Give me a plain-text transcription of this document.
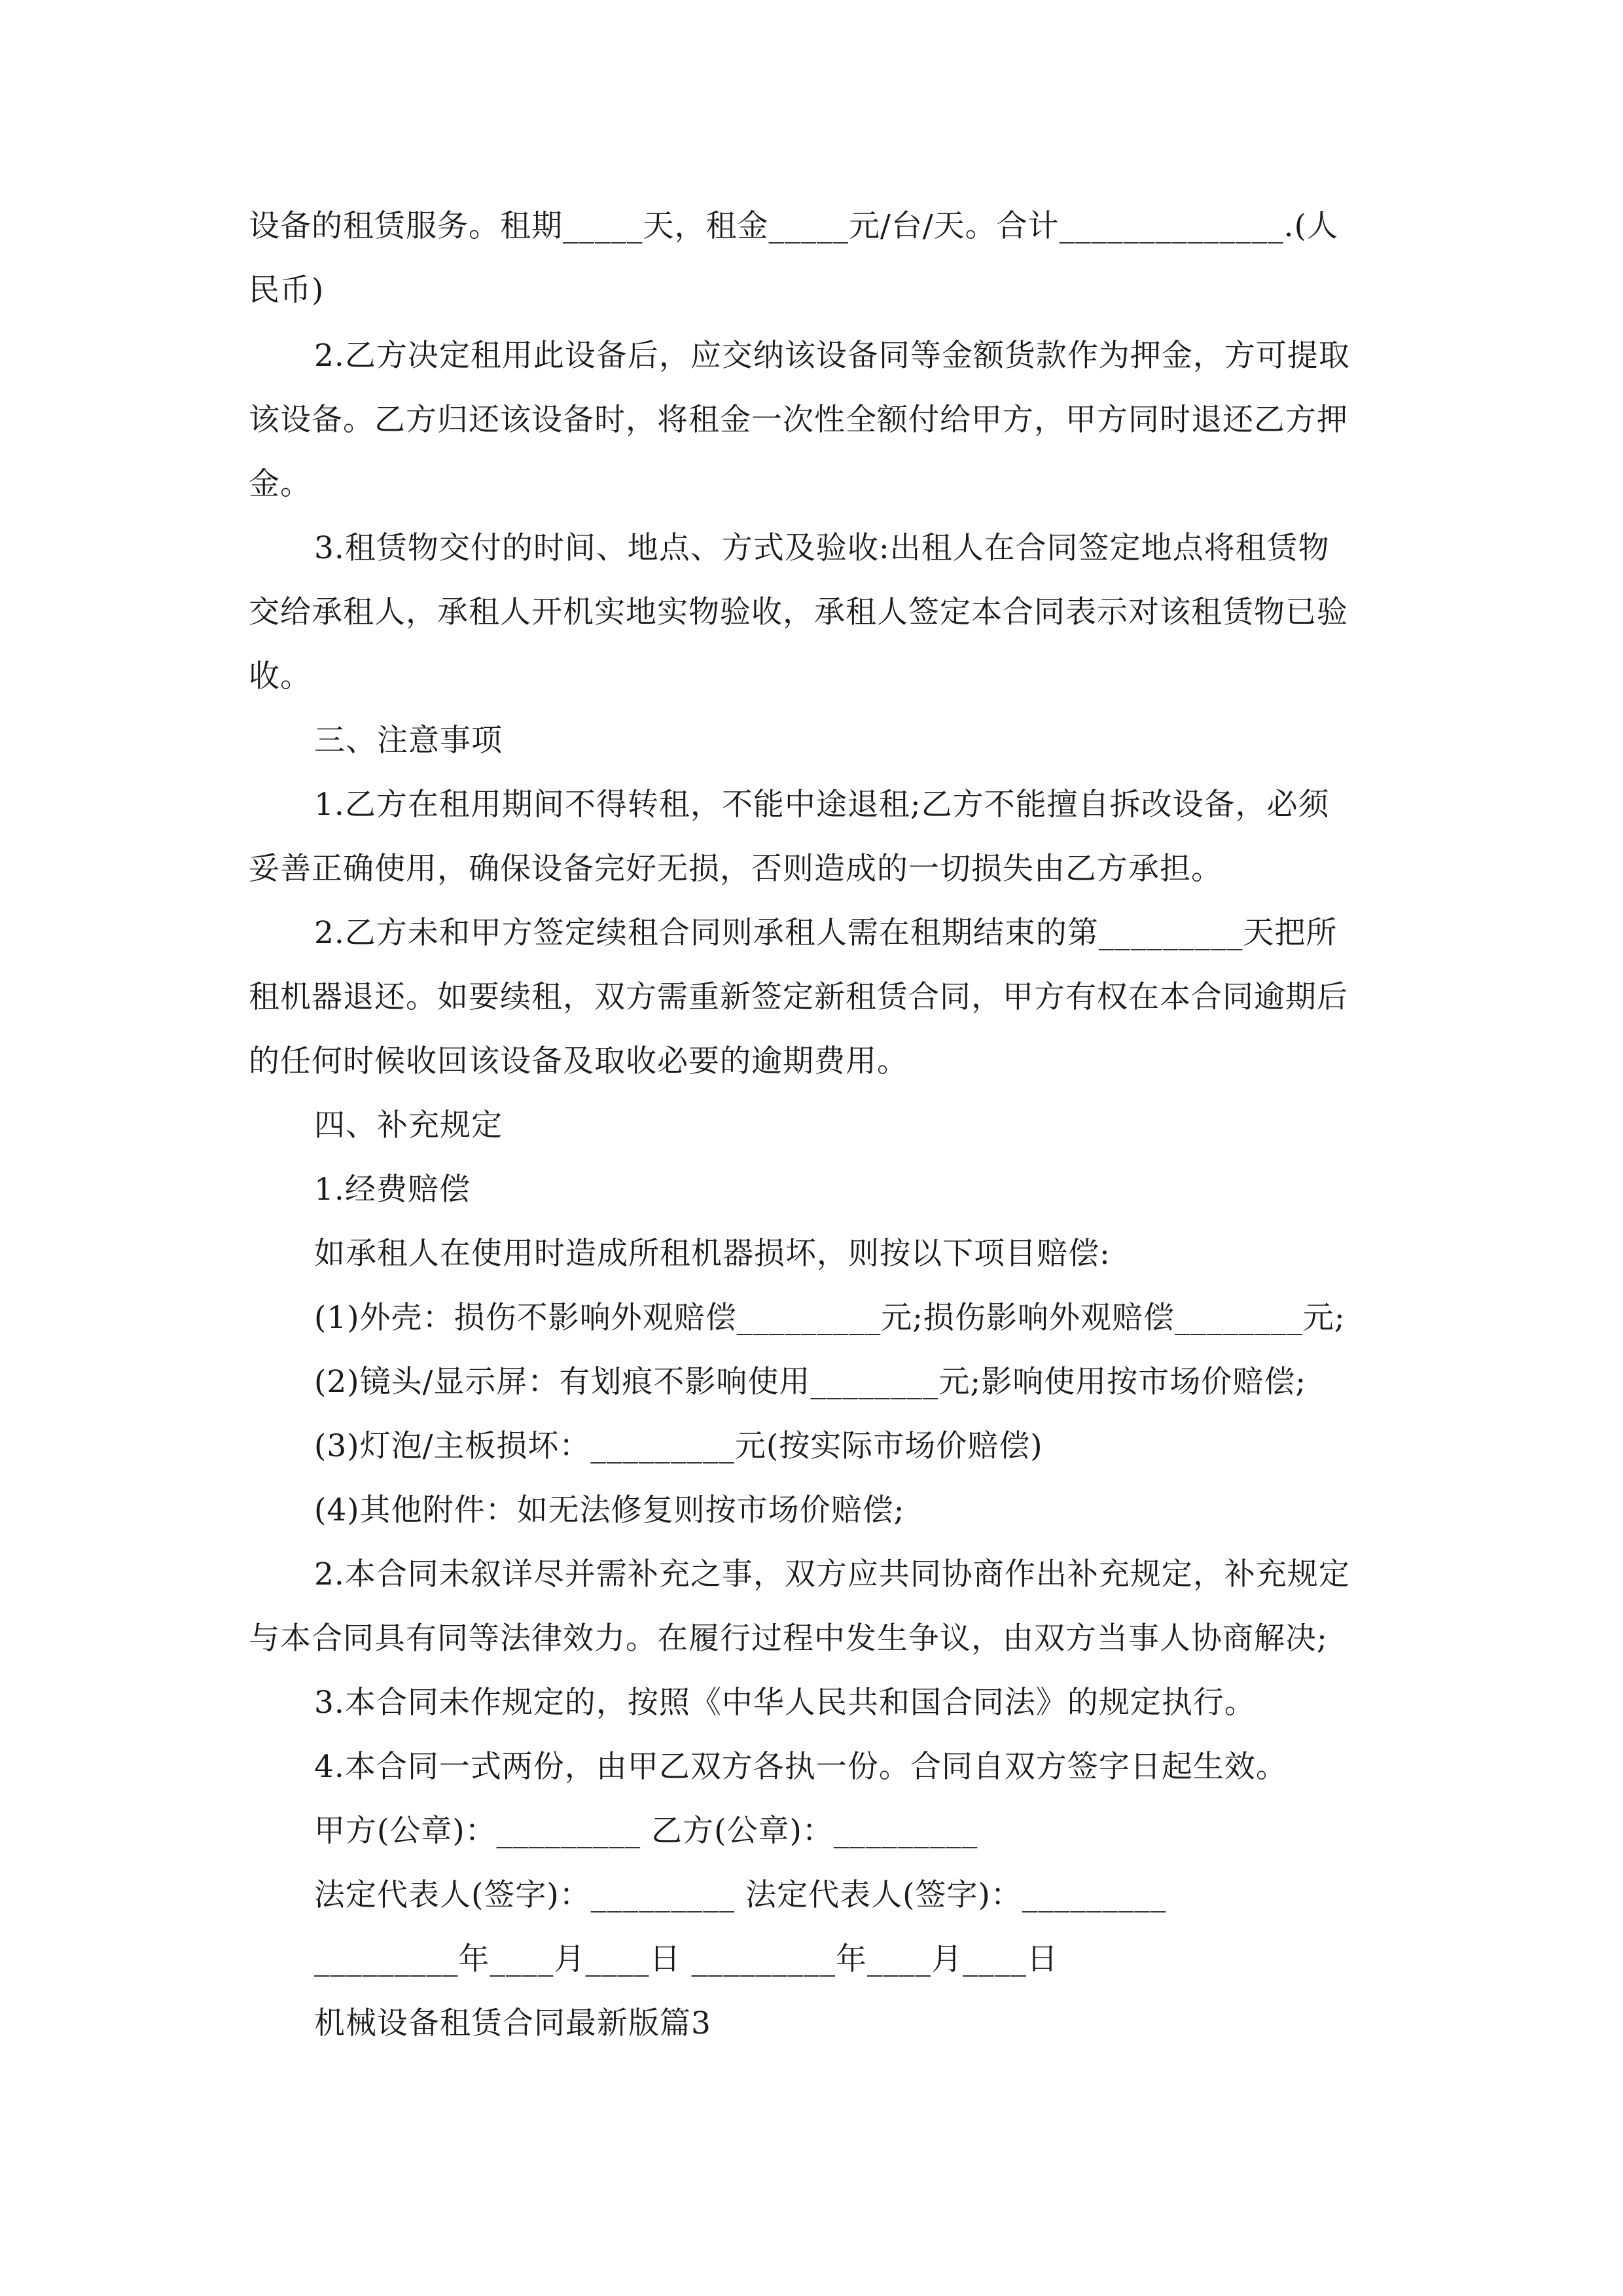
设备的租赁服务。租期_____天，租金_____元/台/天。合计______________.(人
民币)
2.乙方决定租用此设备后，应交纳该设备同等金额货款作为押金，方可提取
该设备。乙方归还该设备时，将租金一次性全额付给甲方，甲方同时退还乙方押
金。
3.租赁物交付的时间、地点、方式及验收:出租人在合同签定地点将租赁物
交给承租人，承租人开机实地实物验收，承租人签定本合同表示对该租赁物已验
收。
三、注意事项
1.乙方在租用期间不得转租，不能中途退租;乙方不能擅自拆改设备，必须
妥善正确使用，确保设备完好无损，否则造成的一切损失由乙方承担。
2.乙方未和甲方签定续租合同则承租人需在租期结束的第_________天把所
租机器退还。如要续租，双方需重新签定新租赁合同，甲方有权在本合同逾期后
的任何时候收回该设备及取收必要的逾期费用。
四、补充规定
1.经费赔偿
如承租人在使用时造成所租机器损坏，则按以下项目赔偿:
(1)外壳：损伤不影响外观赔偿_________元;损伤影响外观赔偿________元;
(2)镜头/显示屏：有划痕不影响使用________元;影响使用按市场价赔偿;
(3)灯泡/主板损坏：_________元(按实际市场价赔偿)
(4)其他附件：如无法修复则按市场价赔偿;
2.本合同未叙详尽并需补充之事，双方应共同协商作出补充规定，补充规定
与本合同具有同等法律效力。在履行过程中发生争议，由双方当事人协商解决;
3.本合同未作规定的，按照《中华人民共和国合同法》的规定执行。
4.本合同一式两份，由甲乙双方各执一份。合同自双方签字日起生效。
甲方(公章)：_________ 乙方(公章)：_________
法定代表人(签字)：_________ 法定代表人(签字)：_________
_________年____月____日 _________年____月____日
机械设备租赁合同最新版篇3
